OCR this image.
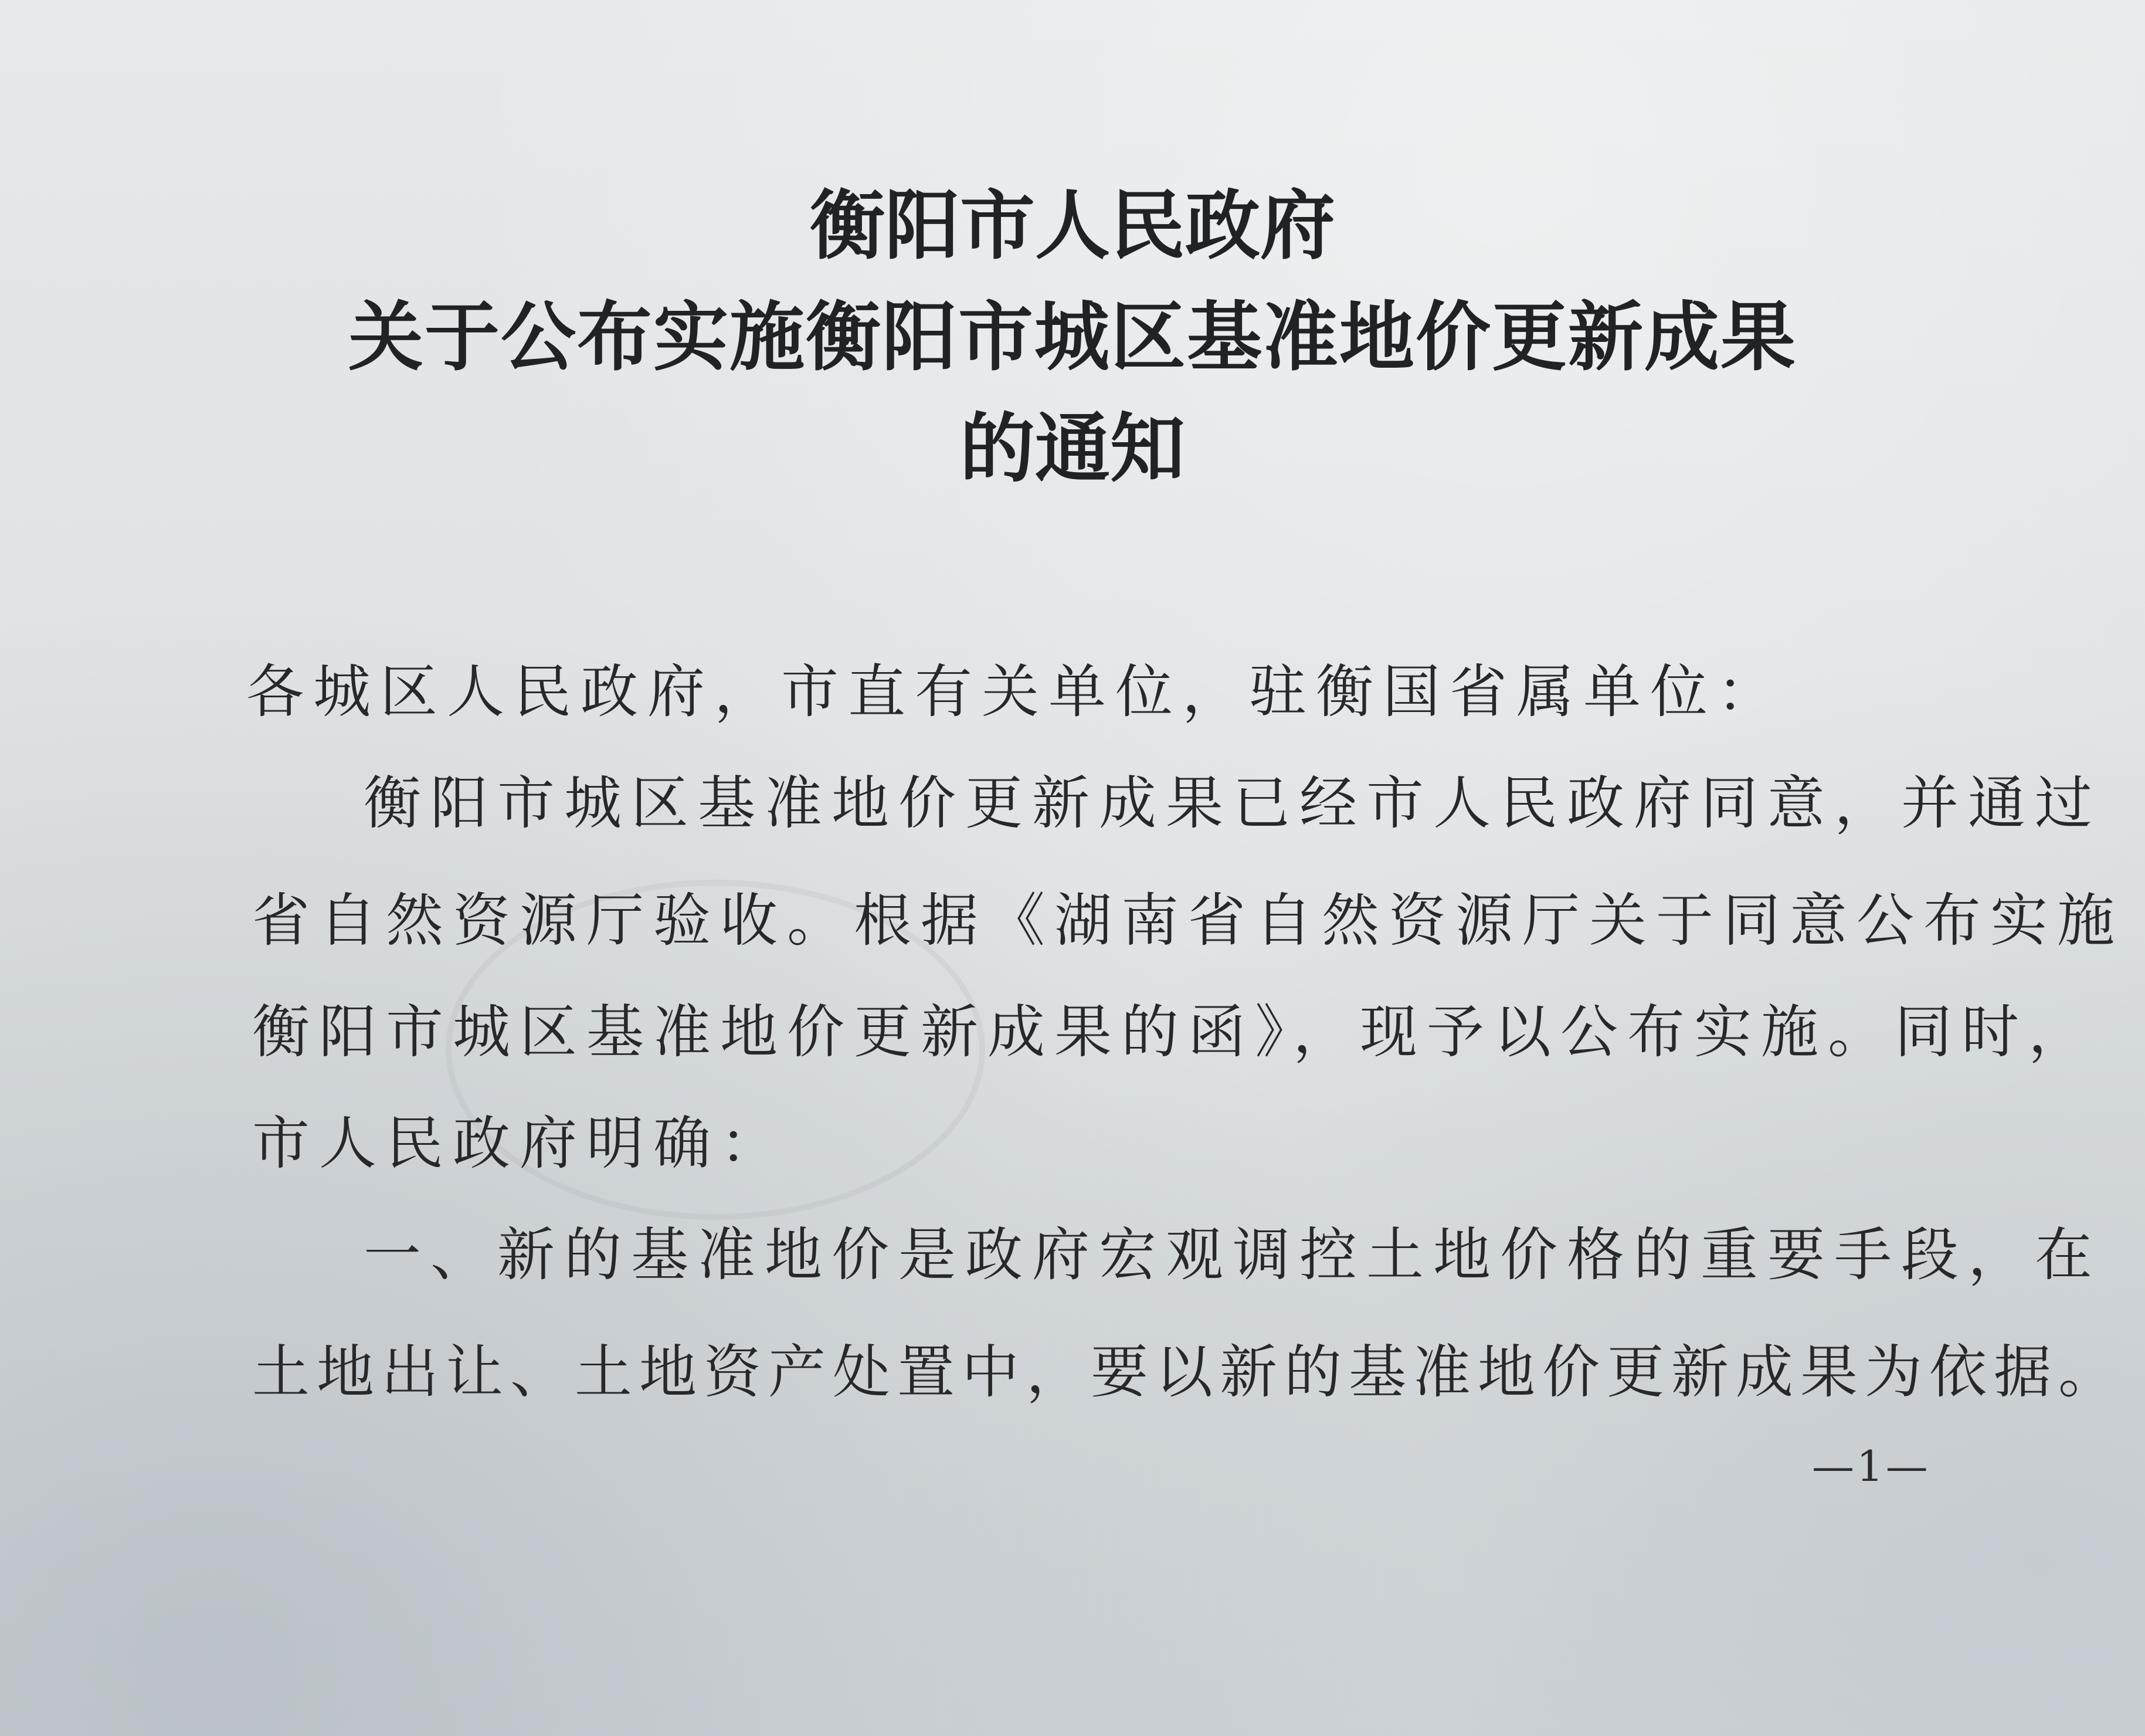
衡阳市人民政府
关于公布实施衡阳市城区基准地价更新成果
的通知
各城区人民政府，市直有关单位，驻衡国省属单位：
衡阳市城区基准地价更新成果已经市人民政府同意，并通过
省自然资源厅验收。根据《湖南省自然资源厅关于同意公布实施
衡阳市城区基准地价更新成果的函》，现予以公布实施。同时，
市人民政府明确：
一、新的基准地价是政府宏观调控土地价格的重要手段，在
土地出让、土地资产处置中，要以新的基准地价更新成果为依据。
—1—
